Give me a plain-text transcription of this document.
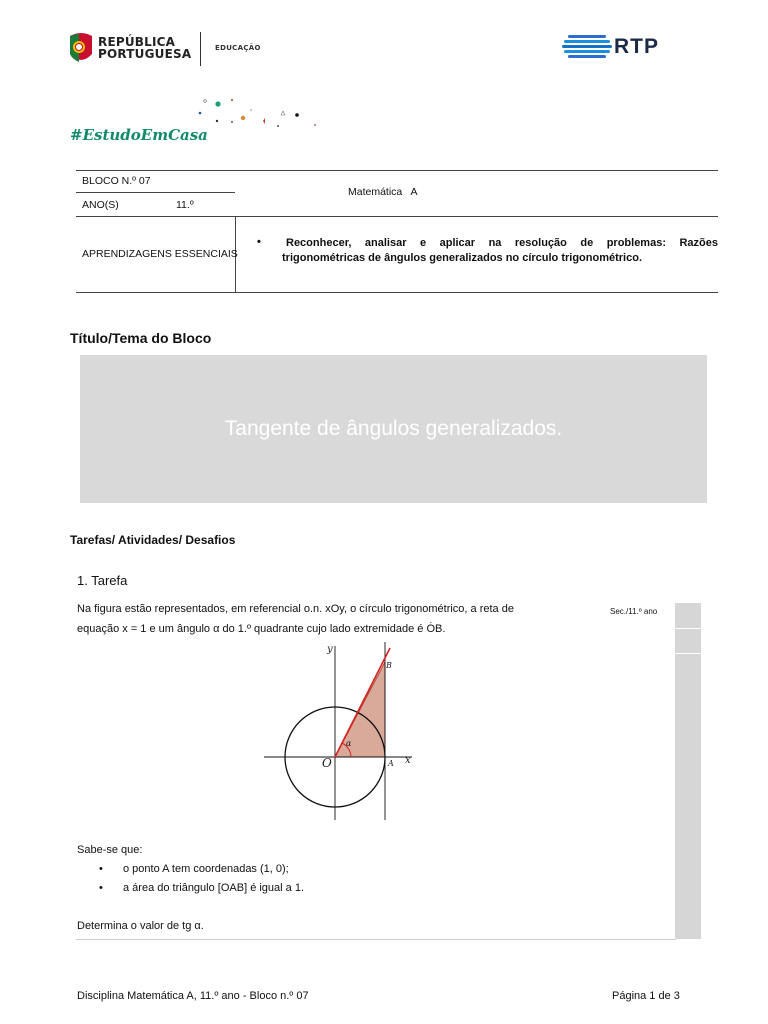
REPÚBLICA
PORTUGUESA	EDUCAÇÃO	RTP
#EstudoEmCasa
BLOCO N.º 07
ANO(S)	11.º
Matemática   A
APRENDIZAGENS ESSENCIAIS
•	Reconhecer, analisar e aplicar na resolução de problemas: Razões trigonométricas de ângulos generalizados no círculo trigonométrico.
Título/Tema do Bloco
Tangente de ângulos generalizados.
Tarefas/ Atividades/ Desafios
1. Tarefa
Sec./11.º ano
Na figura estão representados, em referencial o.n. xOy, o círculo trigonométrico, a reta de
equação x = 1 e um ângulo α do 1.º quadrante cujo lado extremidade é ȮB.
y
x
O	A
B
α
Sabe-se que:
• o ponto A tem coordenadas (1, 0);
• a área do triângulo [OAB] é igual a 1.
Determina o valor de tg α.
Disciplina Matemática A, 11.º ano - Bloco n.º 07	Página 1 de 3
